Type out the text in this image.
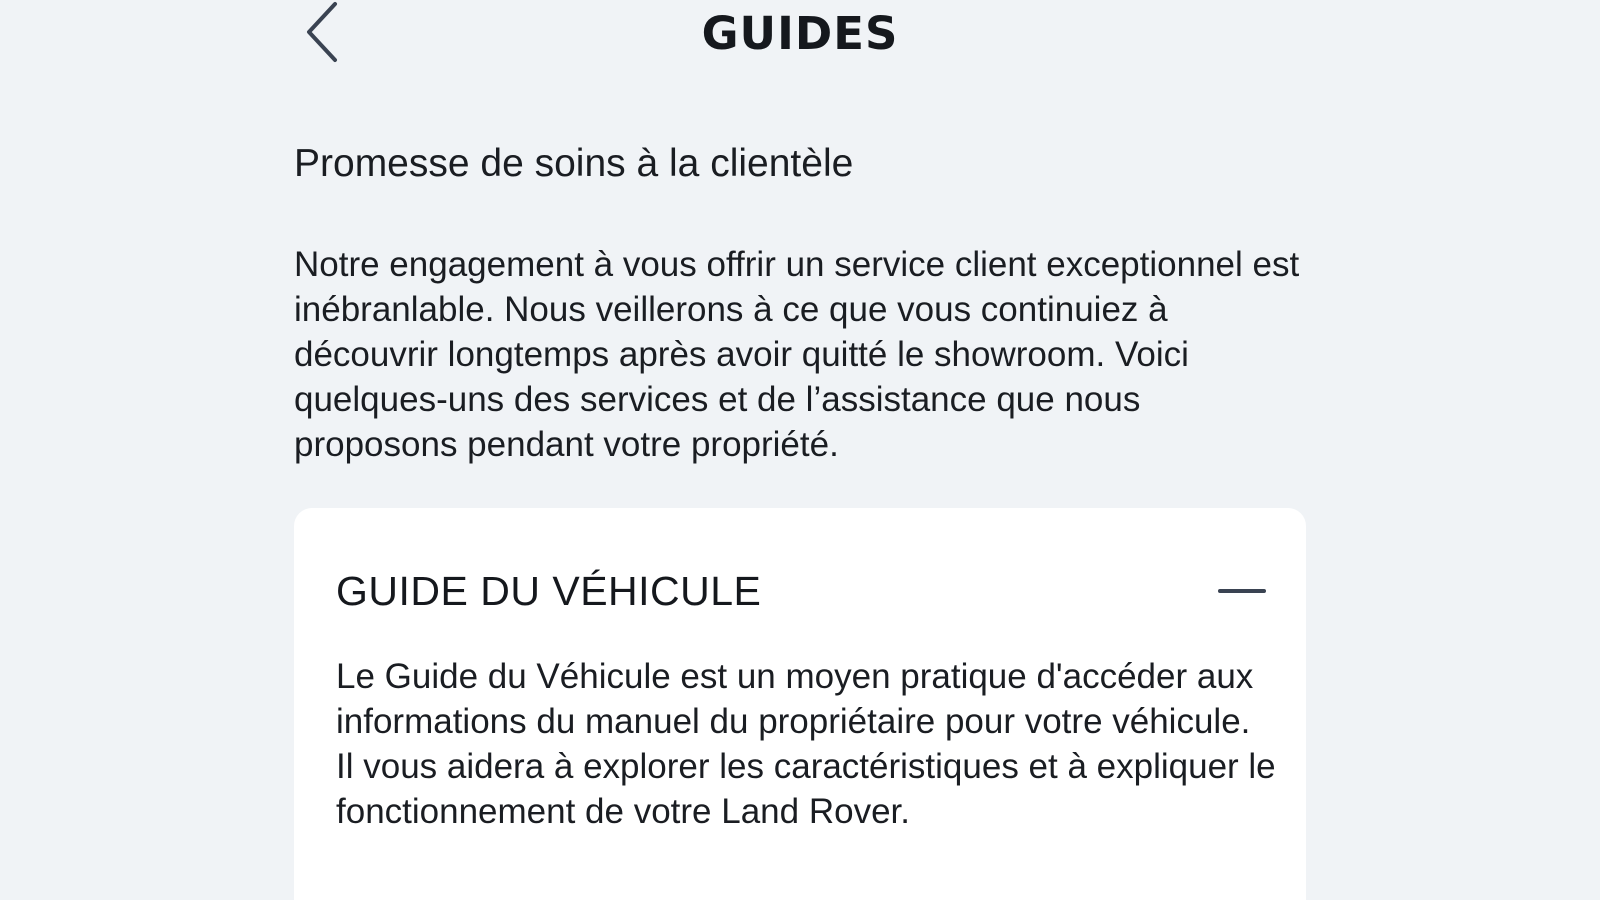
GUIDES
Promesse de soins à la clientèle
Notre engagement à vous offrir un service client exceptionnel est inébranlable. Nous veillerons à ce que vous continuiez à découvrir longtemps après avoir quitté le showroom. Voici quelques-uns des services et de l’assistance que nous proposons pendant votre propriété.
GUIDE DU VÉHICULE
Le Guide du Véhicule est un moyen pratique d'accéder aux informations du manuel du propriétaire pour votre véhicule. Il vous aidera à explorer les caractéristiques et à expliquer le fonctionnement de votre Land Rover.
